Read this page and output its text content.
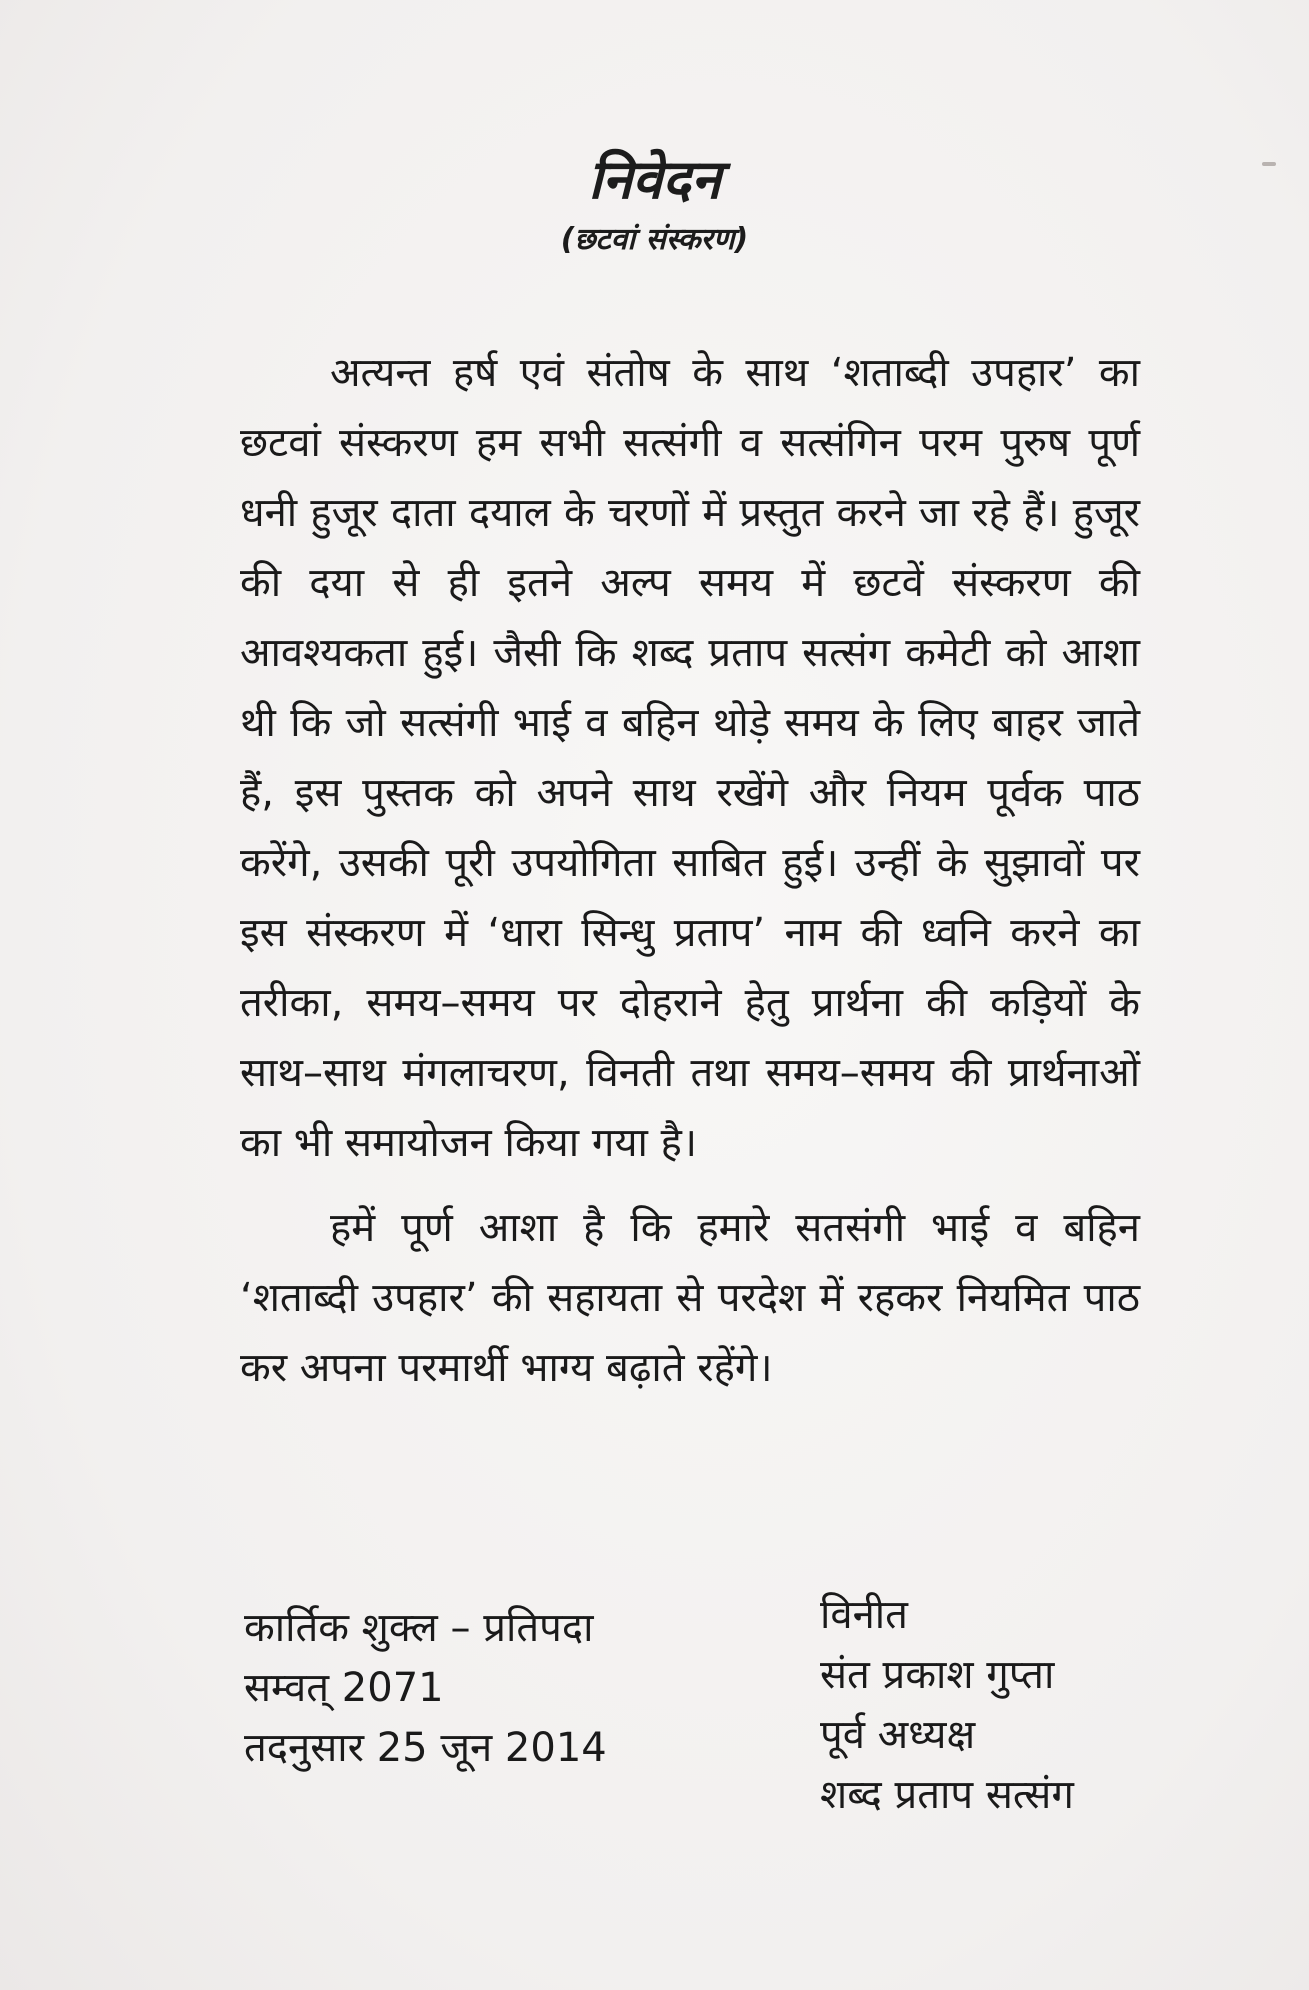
निवेदन
(छटवां संस्करण)

अत्यन्त हर्ष एवं संतोष के साथ ‘शताब्दी उपहार’ का छटवां संस्करण हम सभी सत्संगी व सत्संगिन परम पुरुष पूर्ण धनी हुजूर दाता दयाल के चरणों में प्रस्तुत करने जा रहे हैं। हुजूर की दया से ही इतने अल्प समय में छटवें संस्करण की आवश्यकता हुई। जैसी कि शब्द प्रताप सत्संग कमेटी को आशा थी कि जो सत्संगी भाई व बहिन थोड़े समय के लिए बाहर जाते हैं, इस पुस्तक को अपने साथ रखेंगे और नियम पूर्वक पाठ करेंगे, उसकी पूरी उपयोगिता साबित हुई। उन्हीं के सुझावों पर इस संस्करण में ‘धारा सिन्धु प्रताप’ नाम की ध्वनि करने का तरीका, समय–समय पर दोहराने हेतु प्रार्थना की कड़ियों के साथ–साथ मंगलाचरण, विनती तथा समय–समय की प्रार्थनाओं का भी समायोजन किया गया है।

हमें पूर्ण आशा है कि हमारे सतसंगी भाई व बहिन ‘शताब्दी उपहार’ की सहायता से परदेश में रहकर नियमित पाठ कर अपना परमार्थी भाग्य बढ़ाते रहेंगे।

कार्तिक शुक्ल – प्रतिपदा
सम्वत् 2071
तदनुसार 25 जून 2014
विनीत
संत प्रकाश गुप्ता
पूर्व अध्यक्ष
शब्द प्रताप सत्संग
